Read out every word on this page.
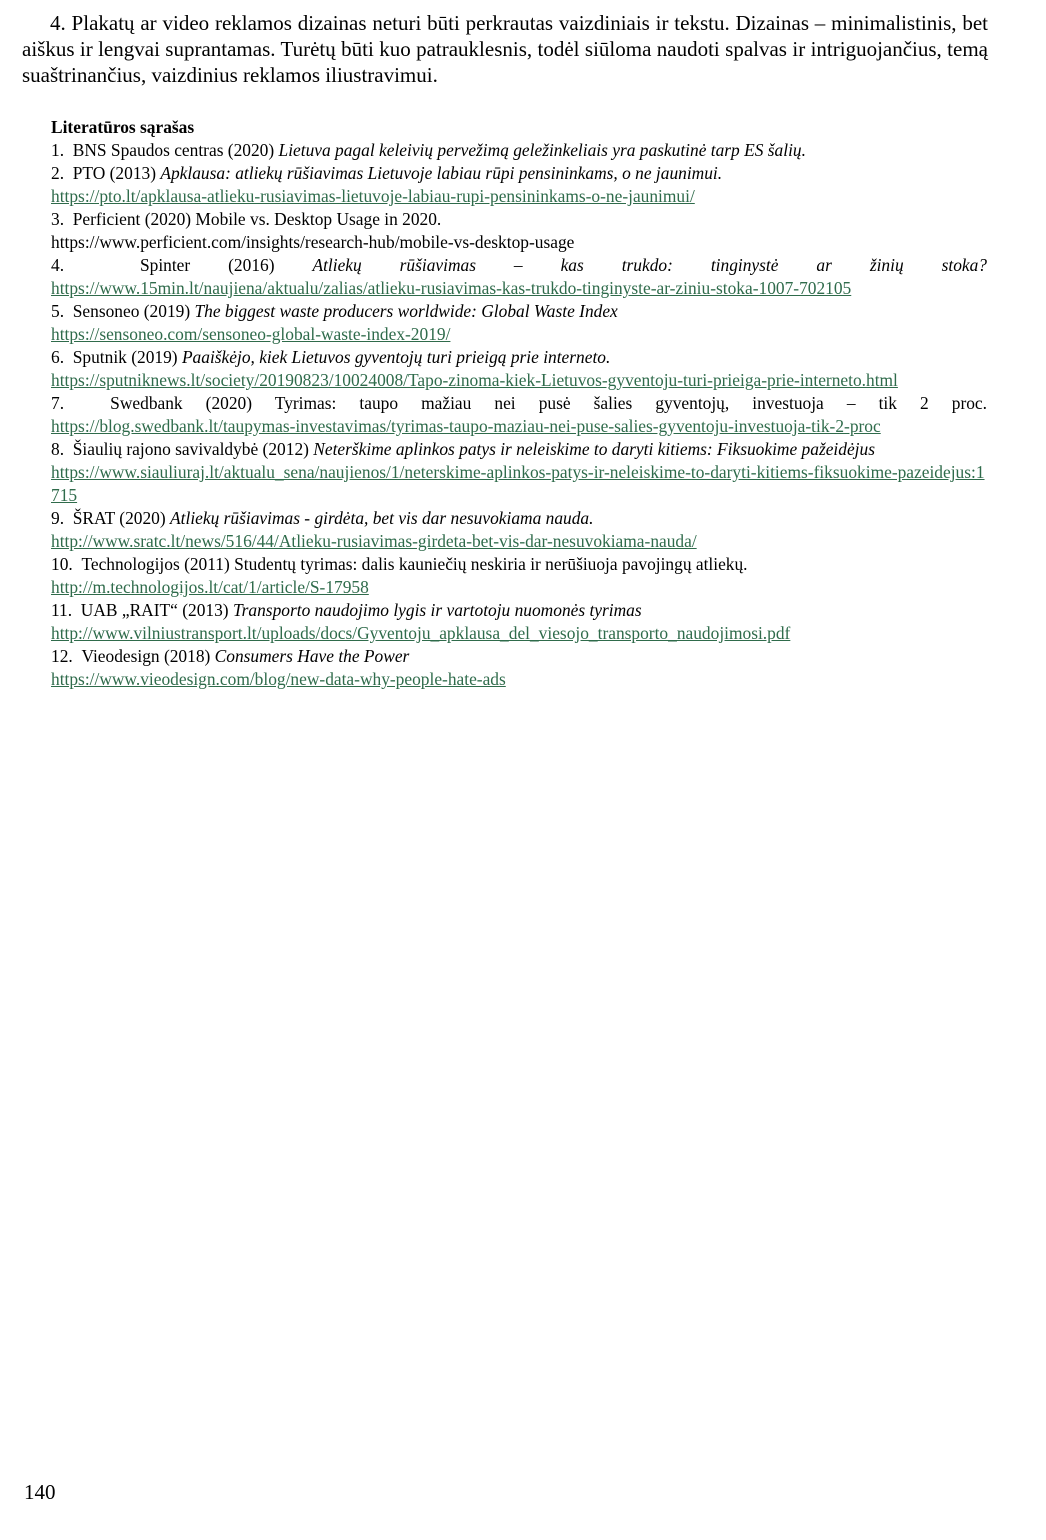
4. Plakatų ar video reklamos dizainas neturi būti perkrautas vaizdiniais ir tekstu. Dizainas – minimalistinis, bet aiškus ir lengvai suprantamas. Turėtų būti kuo patrauklesnis, todėl siūloma naudoti spalvas ir intriguojančius, temą suaštrinančius, vaizdinius reklamos iliustravimui.

Literatūros sąrašas

1.  BNS Spaudos centras (2020) Lietuva pagal keleivių pervežimą geležinkeliais yra paskutinė tarp ES šalių.
2.  PTO (2013) Apklausa: atliekų rūšiavimas Lietuvoje labiau rūpi pensininkams, o ne jaunimui.
https://pto.lt/apklausa-atlieku-rusiavimas-lietuvoje-labiau-rupi-pensininkams-o-ne-jaunimui/
3.  Perficient (2020) Mobile vs. Desktop Usage in 2020.
https://www.perficient.com/insights/research-hub/mobile-vs-desktop-usage
4.  Spinter (2016) Atliekų rūšiavimas – kas trukdo: tinginystė ar žinių stoka?
https://www.15min.lt/naujiena/aktualu/zalias/atlieku-rusiavimas-kas-trukdo-tinginyste-ar-ziniu-stoka-1007-702105
5.  Sensoneo (2019) The biggest waste producers worldwide: Global Waste Index
https://sensoneo.com/sensoneo-global-waste-index-2019/
6.  Sputnik (2019) Paaiškėjo, kiek Lietuvos gyventojų turi prieigą prie interneto.
https://sputniknews.lt/society/20190823/10024008/Tapo-zinoma-kiek-Lietuvos-gyventoju-turi-prieiga-prie-interneto.html
7.  Swedbank (2020) Tyrimas: taupo mažiau nei pusė šalies gyventojų, investuoja – tik 2 proc.
https://blog.swedbank.lt/taupymas-investavimas/tyrimas-taupo-maziau-nei-puse-salies-gyventoju-investuoja-tik-2-proc
8.  Šiaulių rajono savivaldybė (2012) Neterškime aplinkos patys ir neleiskime to daryti kitiems: Fiksuokime pažeidėjus
https://www.siauliuraj.lt/aktualu_sena/naujienos/1/neterskime-aplinkos-patys-ir-neleiskime-to-daryti-kitiems-fiksuokime-pazeidejus:1715
9.  ŠRAT (2020) Atliekų rūšiavimas - girdėta, bet vis dar nesuvokiama nauda.
http://www.sratc.lt/news/516/44/Atlieku-rusiavimas-girdeta-bet-vis-dar-nesuvokiama-nauda/
10.  Technologijos (2011) Studentų tyrimas: dalis kauniečių neskiria ir nerūšiuoja pavojingų atliekų.
http://m.technologijos.lt/cat/1/article/S-17958
11.  UAB „RAIT“ (2013) Transporto naudojimo lygis ir vartotoju nuomonės tyrimas
http://www.vilniustransport.lt/uploads/docs/Gyventoju_apklausa_del_viesojo_transporto_naudojimosi.pdf
12.  Vieodesign (2018) Consumers Have the Power
https://www.vieodesign.com/blog/new-data-why-people-hate-ads
140
